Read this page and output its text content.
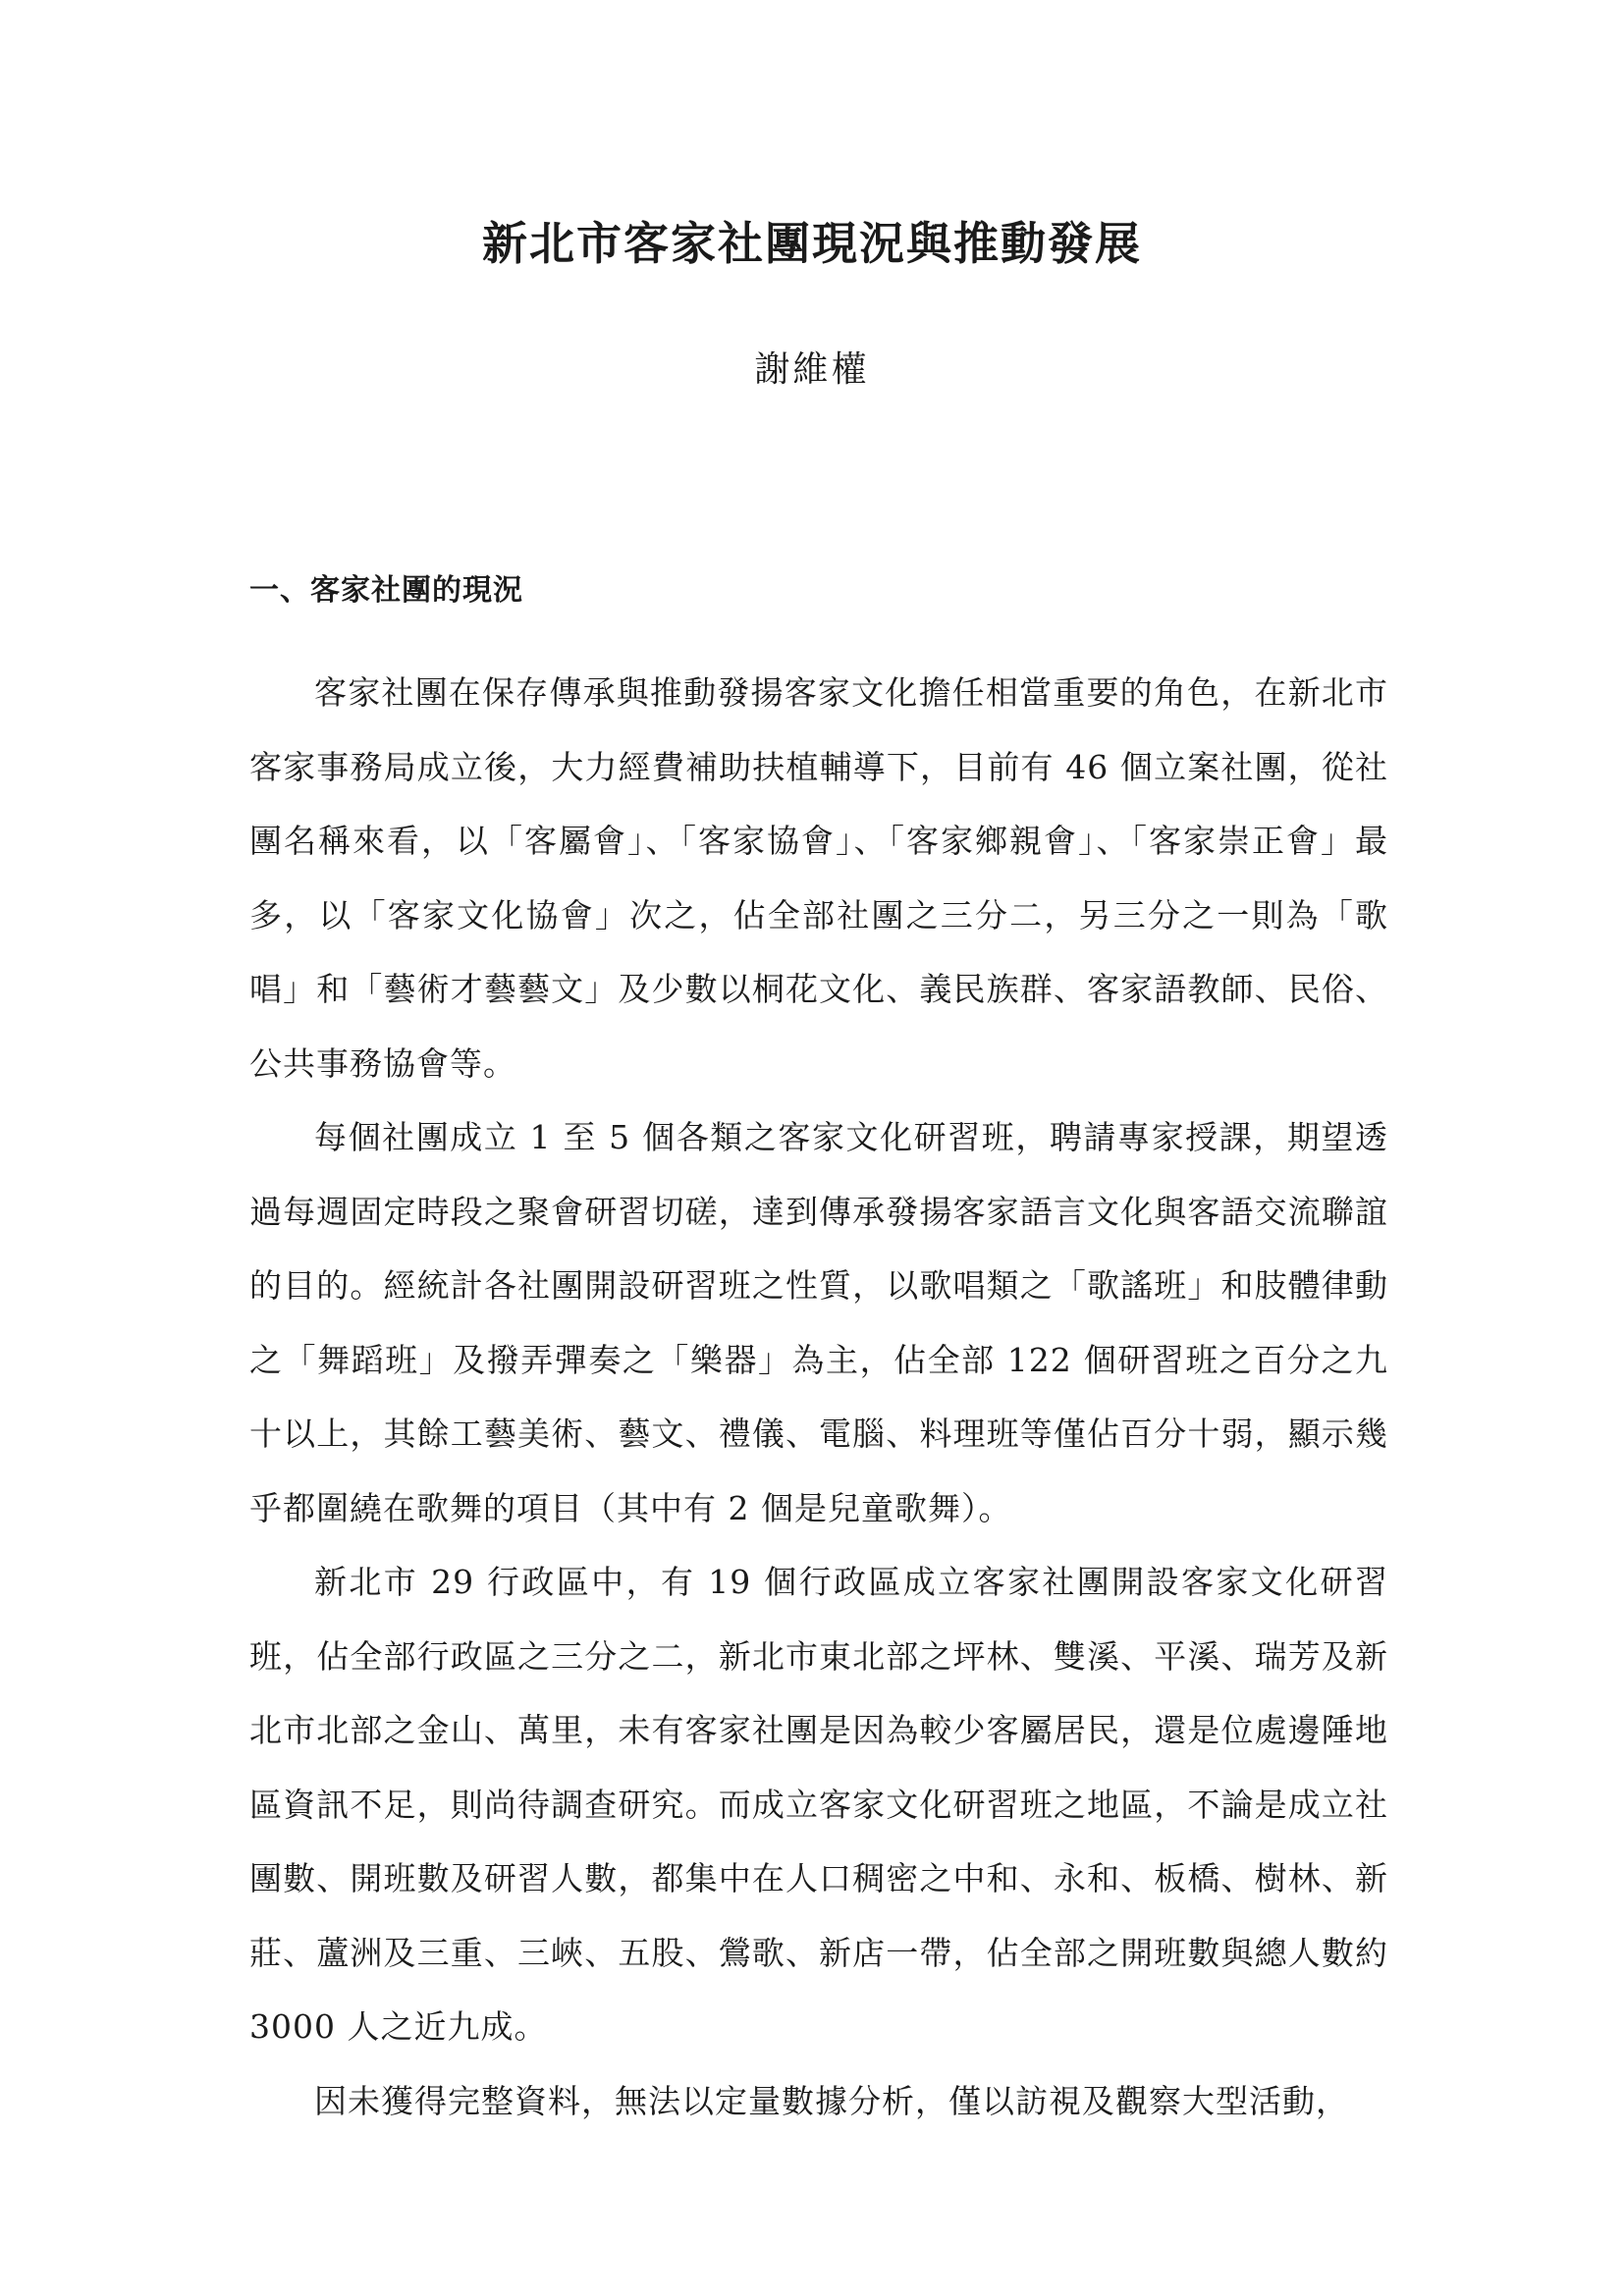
新北市客家社團現況與推動發展
謝維權
一、客家社團的現況

客家社團在保存傳承與推動發揚客家文化擔任相當重要的角色，在新北市客家事務局成立後，大力經費補助扶植輔導下，目前有 46 個立案社團，從社團名稱來看，以「客屬會」、「客家協會」、「客家鄉親會」、「客家崇正會」最多，以「客家文化協會」次之，佔全部社團之三分二，另三分之一則為「歌唱」和「藝術才藝藝文」及少數以桐花文化、義民族群、客家語教師、民俗、公共事務協會等。

每個社團成立 1 至 5 個各類之客家文化研習班，聘請專家授課，期望透過每週固定時段之聚會研習切磋，達到傳承發揚客家語言文化與客語交流聯誼的目的。經統計各社團開設研習班之性質，以歌唱類之「歌謠班」和肢體律動之「舞蹈班」及撥弄彈奏之「樂器」為主，佔全部 122 個研習班之百分之九十以上，其餘工藝美術、藝文、禮儀、電腦、料理班等僅佔百分十弱，顯示幾乎都圍繞在歌舞的項目（其中有 2 個是兒童歌舞）。

新北市 29 行政區中，有 19 個行政區成立客家社團開設客家文化研習班，佔全部行政區之三分之二，新北市東北部之坪林、雙溪、平溪、瑞芳及新北市北部之金山、萬里，未有客家社團是因為較少客屬居民，還是位處邊陲地區資訊不足，則尚待調查研究。而成立客家文化研習班之地區，不論是成立社團數、開班數及研習人數，都集中在人口稠密之中和、永和、板橋、樹林、新莊、蘆洲及三重、三峽、五股、鶯歌、新店一帶，佔全部之開班數與總人數約 3000 人之近九成。

因未獲得完整資料，無法以定量數據分析，僅以訪視及觀察大型活動，
